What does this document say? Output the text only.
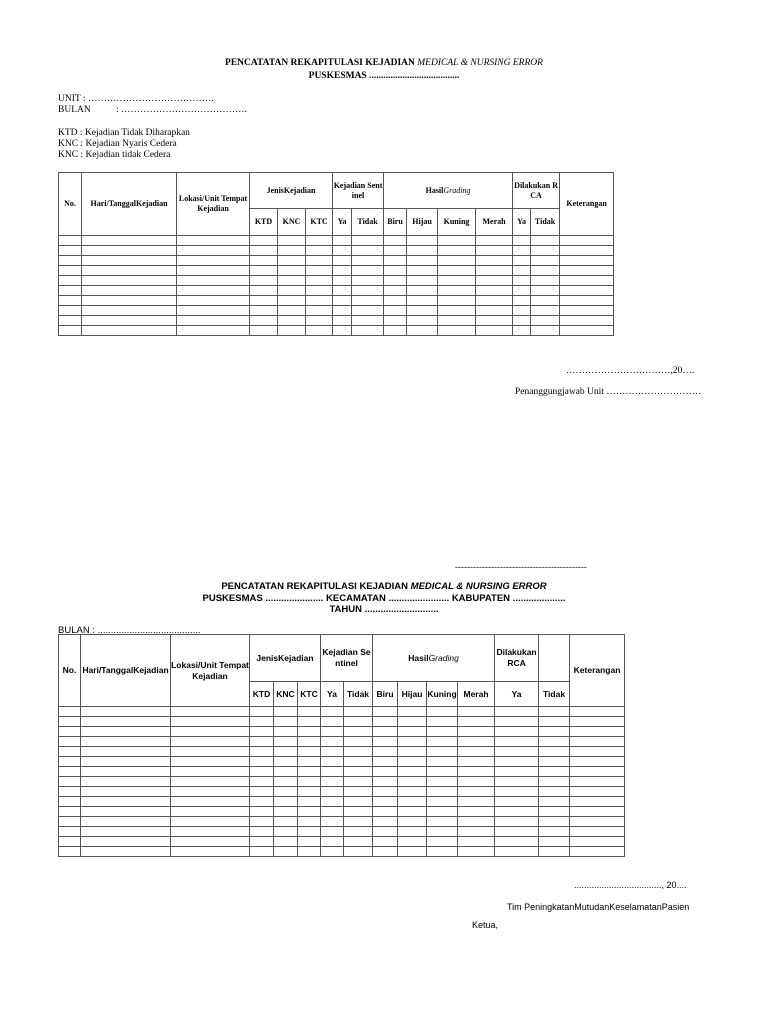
PENCATATAN REKAPITULASI KEJADIAN MEDICAL & NURSING ERROR
PUSKESMAS ......................................
UNIT : ………………………………….
BULAN	: ………………………………….
KTD : Kejadian Tidak Diharapkan
KNC : Kejadian Nyaris Cedera
KNC : Kejadian tidak Cedera
No.	Hari/TanggalKejadian	Lokasi/Unit TempatKejadian	JenisKejadian			Kejadian Sentinel		HasilGrading				Dilakukan RCA		Keterangan
			KTD	KNC	KTC	Ya	Tidak	Biru	Hijau	Kuning	Merah	Ya	Tidak	

……………………………,20….
Penanggungjawab Unit …………………………
--------------------------------------------
PENCATATAN REKAPITULASI KEJADIAN MEDICAL & NURSING ERROR
PUSKESMAS ...................... KECAMATAN ....................... KABUPATEN ....................
TAHUN ............................
BULAN : .......................................
No.	Hari/TanggalKejadian	Lokasi/Unit TempatKejadian	JenisKejadian			Kejadian Sentinel		HasilGrading				Dilakukan RCA		Keterangan
			KTD	KNC	KTC	Ya	Tidak	Biru	Hijau	Kuning	Merah	Ya	Tidak	

..................................., 20....
Tim PeningkatanMutudanKeselamatanPasien
Ketua,
